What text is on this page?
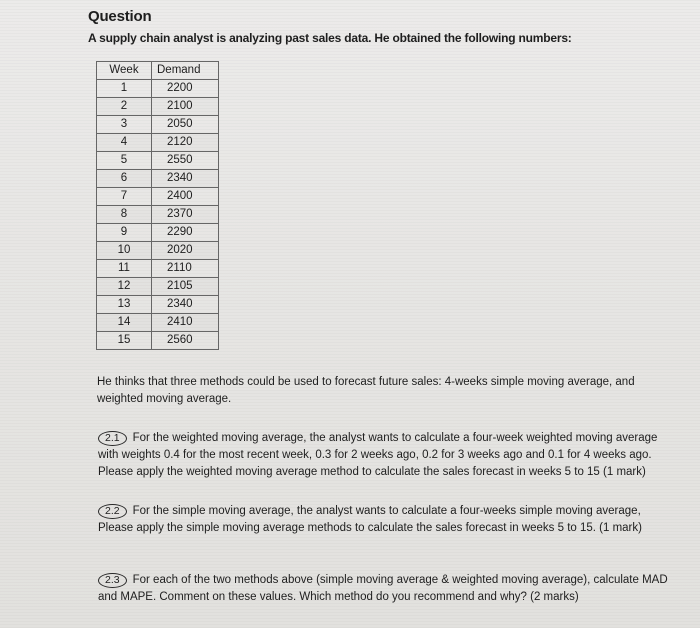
Question
A supply chain analyst is analyzing past sales data. He obtained the following numbers:
Week	Demand
1	2200
2	2100
3	2050
4	2120
5	2550
6	2340
7	2400
8	2370
9	2290
10	2020
11	2110
12	2105
13	2340
14	2410
15	2560
He thinks that three methods could be used to forecast future sales: 4-weeks simple moving average, and weighted moving average.
2.1 For the weighted moving average, the analyst wants to calculate a four-week weighted moving average with weights 0.4 for the most recent week, 0.3 for 2 weeks ago, 0.2 for 3 weeks ago and 0.1 for 4 weeks ago. Please apply the weighted moving average method to calculate the sales forecast in weeks 5 to 15 (1 mark)
2.2 For the simple moving average, the analyst wants to calculate a four-weeks simple moving average, Please apply the simple moving average methods to calculate the sales forecast in weeks 5 to 15. (1 mark)
2.3 For each of the two methods above (simple moving average & weighted moving average), calculate MAD and MAPE. Comment on these values. Which method do you recommend and why? (2 marks)
